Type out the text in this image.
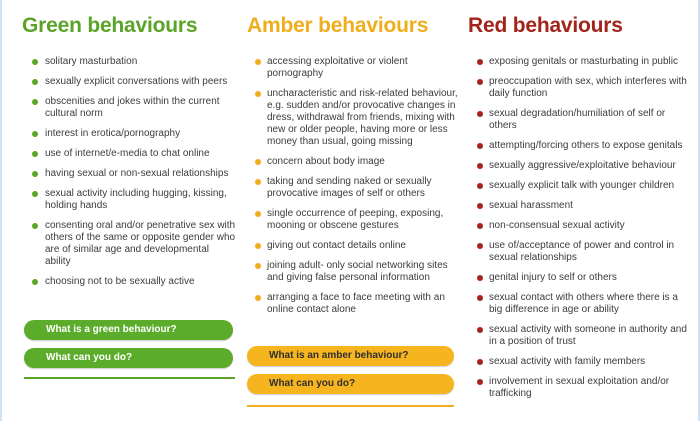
Green behaviours
solitary masturbation
sexually explicit conversations with peers
obscenities and jokes within the current cultural norm
interest in erotica/pornography
use of internet/e-media to chat online
having sexual or non-sexual relationships
sexual activity including hugging, kissing, holding hands
consenting oral and/or penetrative sex with others of the same or opposite gender who are of similar age and developmental ability
choosing not to be sexually active
What is a green behaviour?
What can you do?
Amber behaviours
accessing exploitative or violent pornography
uncharacteristic and risk-related behaviour, e.g. sudden and/or provocative changes in dress, withdrawal from friends, mixing with new or older people, having more or less money than usual, going missing
concern about body image
taking and sending naked or sexually provocative images of self or others
single occurrence of peeping, exposing, mooning or obscene gestures
giving out contact details online
joining adult- only social networking sites and giving false personal information
arranging a face to face meeting with an online contact alone
What is an amber behaviour?
What can you do?
Red behaviours
exposing genitals or masturbating in public
preoccupation with sex, which interferes with daily function
sexual degradation/humiliation of self or others
attempting/forcing others to expose genitals
sexually aggressive/exploitative behaviour
sexually explicit talk with younger children
sexual harassment
non-consensual sexual activity
use of/acceptance of power and control in sexual relationships
genital injury to self or others
sexual contact with others where there is a big difference in age or ability
sexual activity with someone in authority and in a position of trust
sexual activity with family members
involvement in sexual exploitation and/or trafficking
